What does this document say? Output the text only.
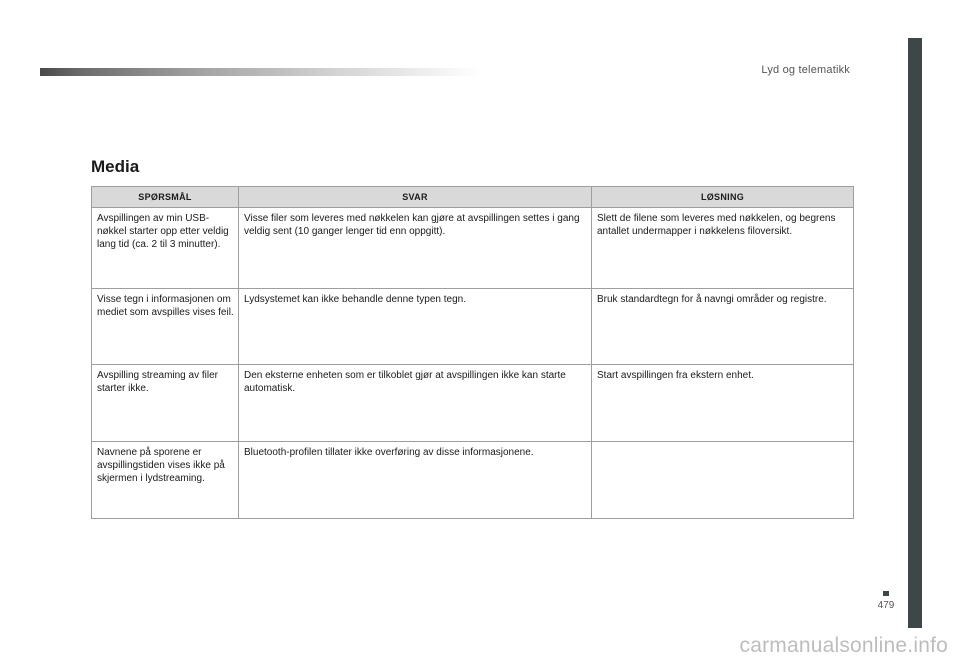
Lyd og telematikk
479
Media
SPØRSMÅL	SVAR	LØSNING
Avspillingen av min USB-nøkkel starter opp etter veldig lang tid (ca. 2 til 3 minutter).	Visse filer som leveres med nøkkelen kan gjøre at avspillingen settes i gang veldig sent (10 ganger lenger tid enn oppgitt).	Slett de filene som leveres med nøkkelen, og begrens antallet undermapper i nøkkelens filoversikt.
Visse tegn i informasjonen om mediet som avspilles vises feil.	Lydsystemet kan ikke behandle denne typen tegn.	Bruk standardtegn for å navngi områder og registre.
Avspilling streaming av filer starter ikke.	Den eksterne enheten som er tilkoblet gjør at avspillingen ikke kan starte automatisk.	Start avspillingen fra ekstern enhet.
Navnene på sporene er avspillingstiden vises ikke på skjermen i lydstreaming.	Bluetooth-profilen tillater ikke overføring av disse informasjonene.	
carmanualsonline.info
